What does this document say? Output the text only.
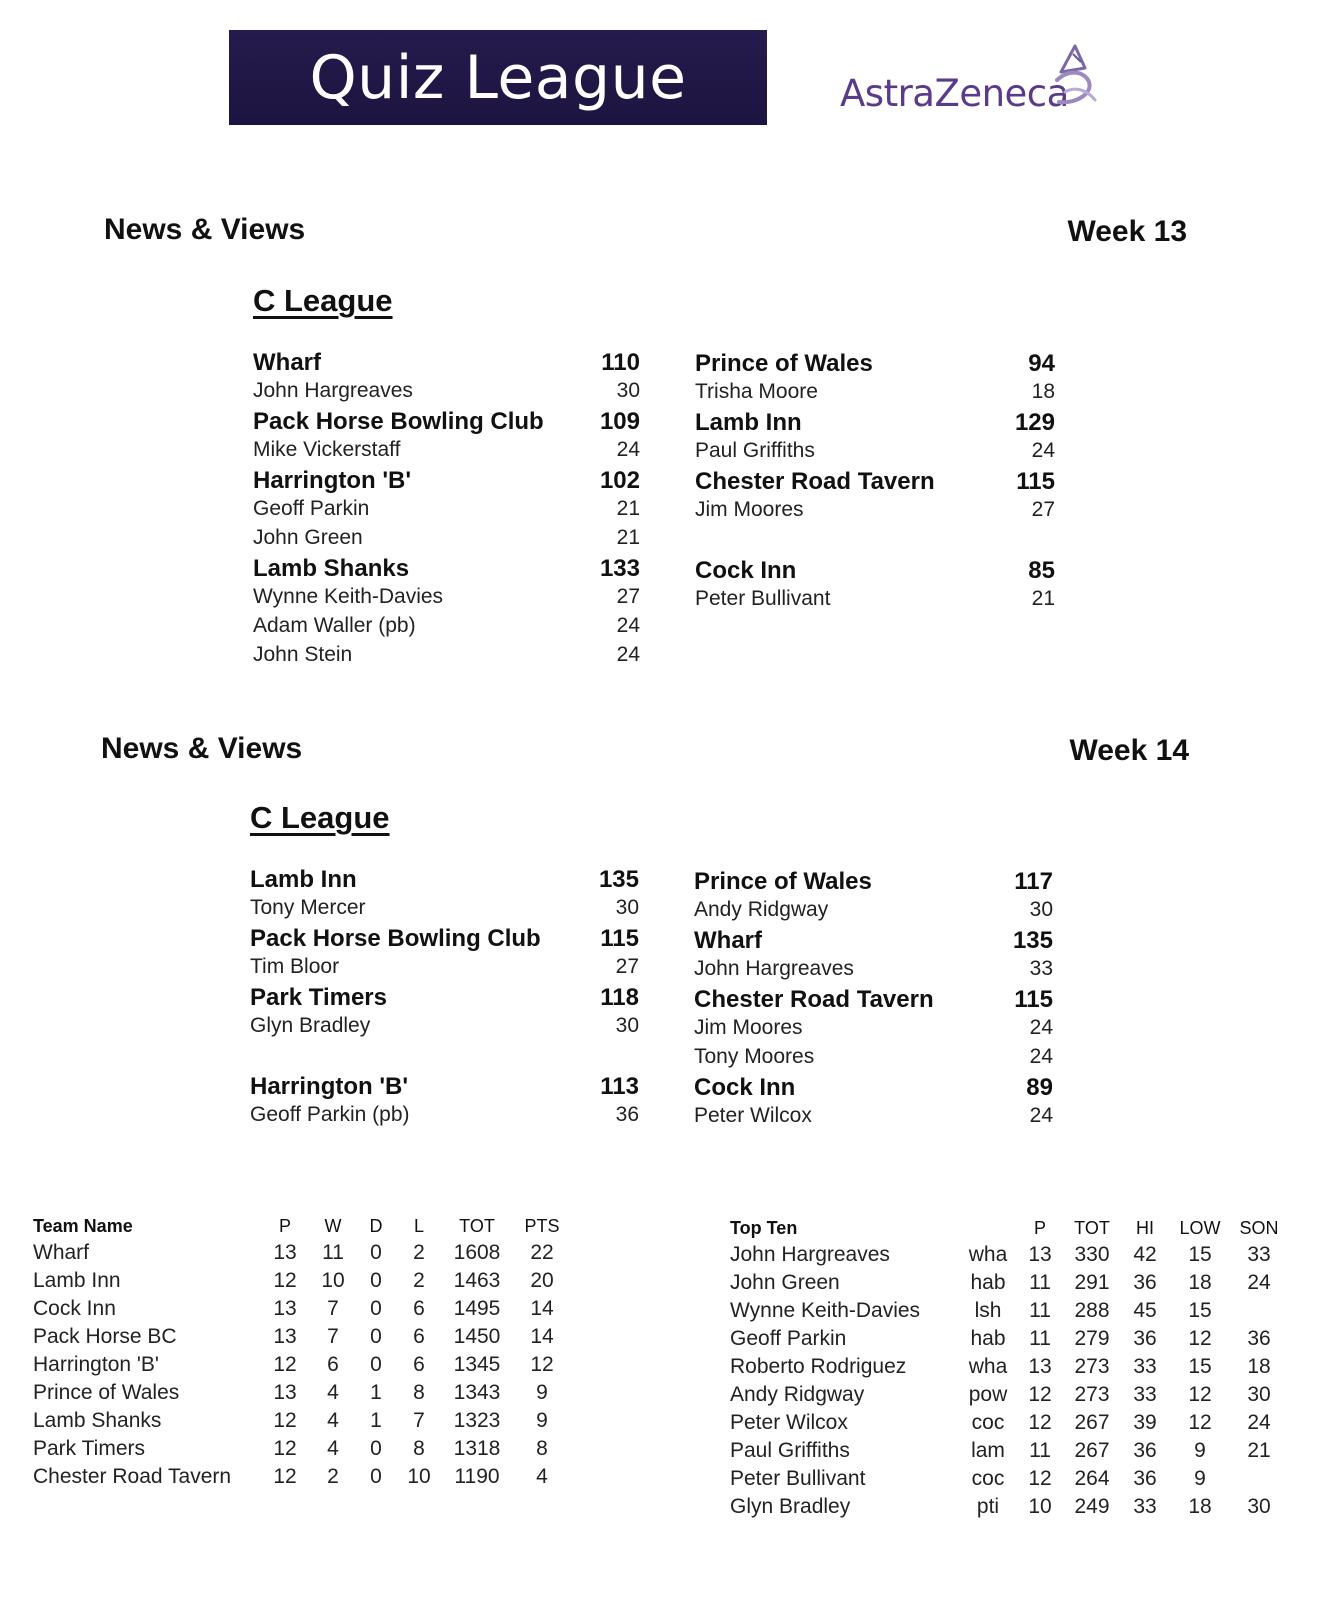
Quiz League	AstraZeneca
News & Views	Week 13
C League
Wharf	110
John Hargreaves	30
Pack Horse Bowling Club 109
Mike Vickerstaff	24
Harrington 'B'	102
Geoff Parkin	21
John Green	21
Lamb Shanks	133
Wynne Keith-Davies	27
Adam Waller (pb)	24
John Stein	24
Prince of Wales	94
Trisha Moore	18
Lamb Inn	129
Paul Griffiths	24
Chester Road Tavern	115
Jim Moores	27
Cock Inn	85
Peter Bullivant	21
News & Views	Week 14
C League
Lamb Inn	135
Tony Mercer	30
Pack Horse Bowling Club 115
Tim Bloor	27
Park Timers	118
Glyn Bradley	30
Harrington 'B'	113
Geoff Parkin (pb)	36
Prince of Wales	117
Andy Ridgway	30
Wharf	135
John Hargreaves	33
Chester Road Tavern	115
Jim Moores	24
Tony Moores	24
Cock Inn	89
Peter Wilcox	24
Team Name	P	W	D	L	TOT	PTS
Wharf	13	11	0	2	1608	22
Lamb Inn	12	10	0	2	1463	20
Cock Inn	13	7	0	6	1495	14
Pack Horse BC	13	7	0	6	1450	14
Harrington 'B'	12	6	0	6	1345	12
Prince of Wales	13	4	1	8	1343	9
Lamb Shanks	12	4	1	7	1323	9
Park Timers	12	4	0	8	1318	8
Chester Road Tavern	12	2	0	10	1190	4
Top Ten		P	TOT	HI	LOW	SON
John Hargreaves	wha	13	330	42	15	33
John Green	hab	11	291	36	18	24
Wynne Keith-Davies	lsh	11	288	45	15	
Geoff Parkin	hab	11	279	36	12	36
Roberto Rodriguez	wha	13	273	33	15	18
Andy Ridgway	pow	12	273	33	12	30
Peter Wilcox	coc	12	267	39	12	24
Paul Griffiths	lam	11	267	36	9	21
Peter Bullivant	coc	12	264	36	9	
Glyn Bradley	pti	10	249	33	18	30
